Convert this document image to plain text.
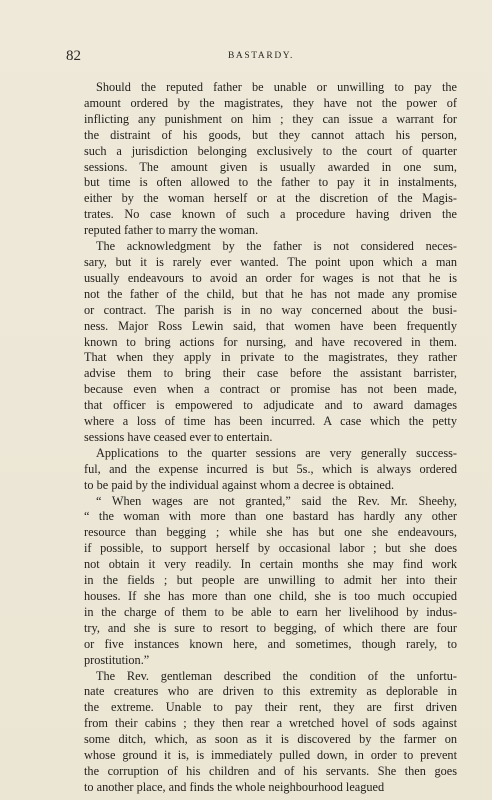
82	BASTARDY.

Should the reputed father be unable or unwilling to pay the
amount ordered by the magistrates, they have not the power of
inflicting any punishment on him ; they can issue a warrant for
the distraint of his goods, but they cannot attach his person,
such a jurisdiction belonging exclusively to the court of quarter
sessions. The amount given is usually awarded in one sum,
but time is often allowed to the father to pay it in instalments,
either by the woman herself or at the discretion of the Magis-
trates. No case known of such a procedure having driven the
reputed father to marry the woman.

The acknowledgment by the father is not considered neces-
sary, but it is rarely ever wanted. The point upon which a man
usually endeavours to avoid an order for wages is not that he is
not the father of the child, but that he has not made any promise
or contract. The parish is in no way concerned about the busi-
ness. Major Ross Lewin said, that women have been frequently
known to bring actions for nursing, and have recovered in them.
That when they apply in private to the magistrates, they rather
advise them to bring their case before the assistant barrister,
because even when a contract or promise has not been made,
that officer is empowered to adjudicate and to award damages
where a loss of time has been incurred. A case which the petty
sessions have ceased ever to entertain.

Applications to the quarter sessions are very generally success-
ful, and the expense incurred is but 5s., which is always ordered
to be paid by the individual against whom a decree is obtained.

“ When wages are not granted,” said the Rev. Mr. Sheehy,
“ the woman with more than one bastard has hardly any other
resource than begging ; while she has but one she endeavours,
if possible, to support herself by occasional labor ; but she does
not obtain it very readily. In certain months she may find work
in the fields ; but people are unwilling to admit her into their
houses. If she has more than one child, she is too much occupied
in the charge of them to be able to earn her livelihood by indus-
try, and she is sure to resort to begging, of which there are four
or five instances known here, and sometimes, though rarely, to
prostitution.”

The Rev. gentleman described the condition of the unfortu-
nate creatures who are driven to this extremity as deplorable in
the extreme. Unable to pay their rent, they are first driven
from their cabins ; they then rear a wretched hovel of sods against
some ditch, which, as soon as it is discovered by the farmer on
whose ground it is, is immediately pulled down, in order to prevent
the corruption of his children and of his servants. She then goes
to another place, and finds the whole neighbourhood leagued
